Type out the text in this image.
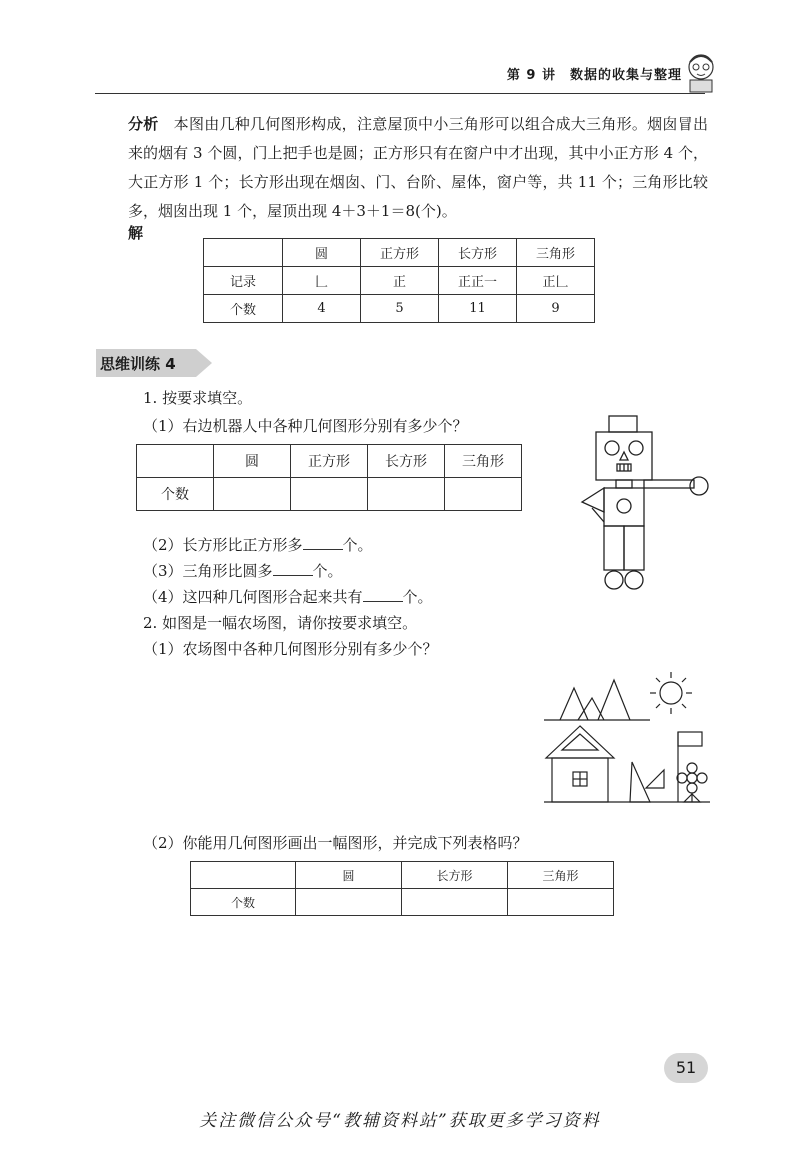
第 9 讲　数据的收集与整理
分析 本图由几种几何图形构成，注意屋顶中小三角形可以组合成大三角形。烟囱冒出来的烟有 3 个圆，门上把手也是圆；正方形只有在窗户中才出现，其中小正方形 4 个，大正方形 1 个；长方形出现在烟囱、门、台阶、屋体，窗户等，共 11 个；三角形比较多，烟囱出现 1 个，屋顶出现 4＋3＋1＝8(个)。
解
	圆	正方形	长方形	三角形
记录	𠃊	正	正正一	正𠃊
个数	4	5	11	9
思维训练 4
1. 按要求填空。
（1）右边机器人中各种几何图形分别有多少个？
	圆	正方形	长方形	三角形
个数				
（2）长方形比正方形多	个。
（3）三角形比圆多	个。
（4）这四种几何图形合起来共有	个。
2. 如图是一幅农场图，请你按要求填空。
（1）农场图中各种几何图形分别有多少个？
（2）你能用几何图形画出一幅图形，并完成下列表格吗？
	圆	长方形	三角形
个数			
51
关注微信公众号“教辅资料站”获取更多学习资料
